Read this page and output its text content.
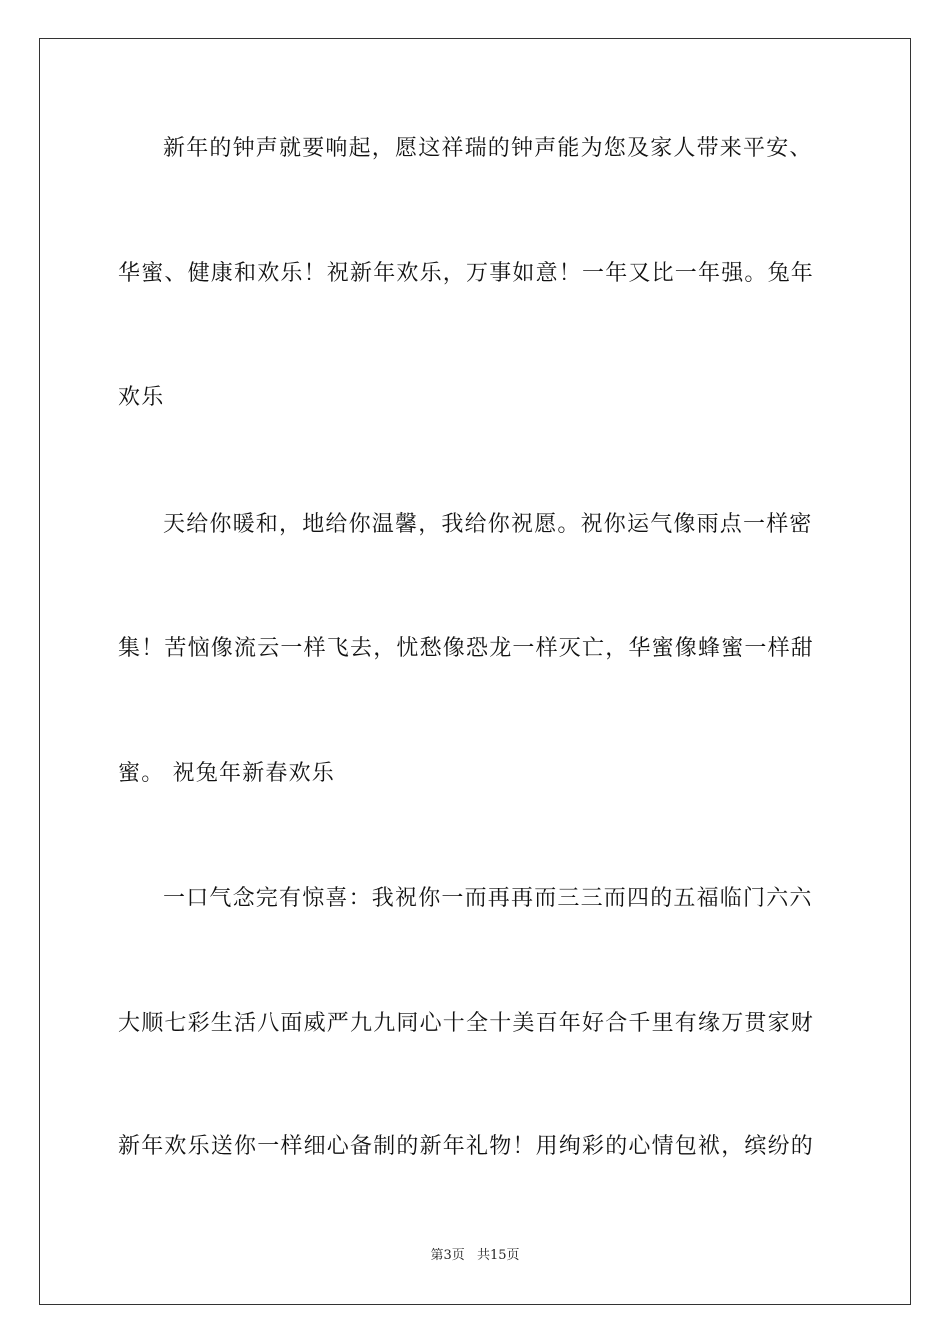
新年的钟声就要响起，愿这祥瑞的钟声能为您及家人带来平安、
华蜜、健康和欢乐！祝新年欢乐，万事如意！一年又比一年强。兔年
欢乐
天给你暖和，地给你温馨，我给你祝愿。祝你运气像雨点一样密
集！苦恼像流云一样飞去，忧愁像恐龙一样灭亡，华蜜像蜂蜜一样甜
蜜。 祝兔年新春欢乐
一口气念完有惊喜：我祝你一而再再而三三而四的五福临门六六
大顺七彩生活八面威严九九同心十全十美百年好合千里有缘万贯家财
新年欢乐送你一样细心备制的新年礼物！用绚彩的心情包袱，缤纷的
第3页 共15页
